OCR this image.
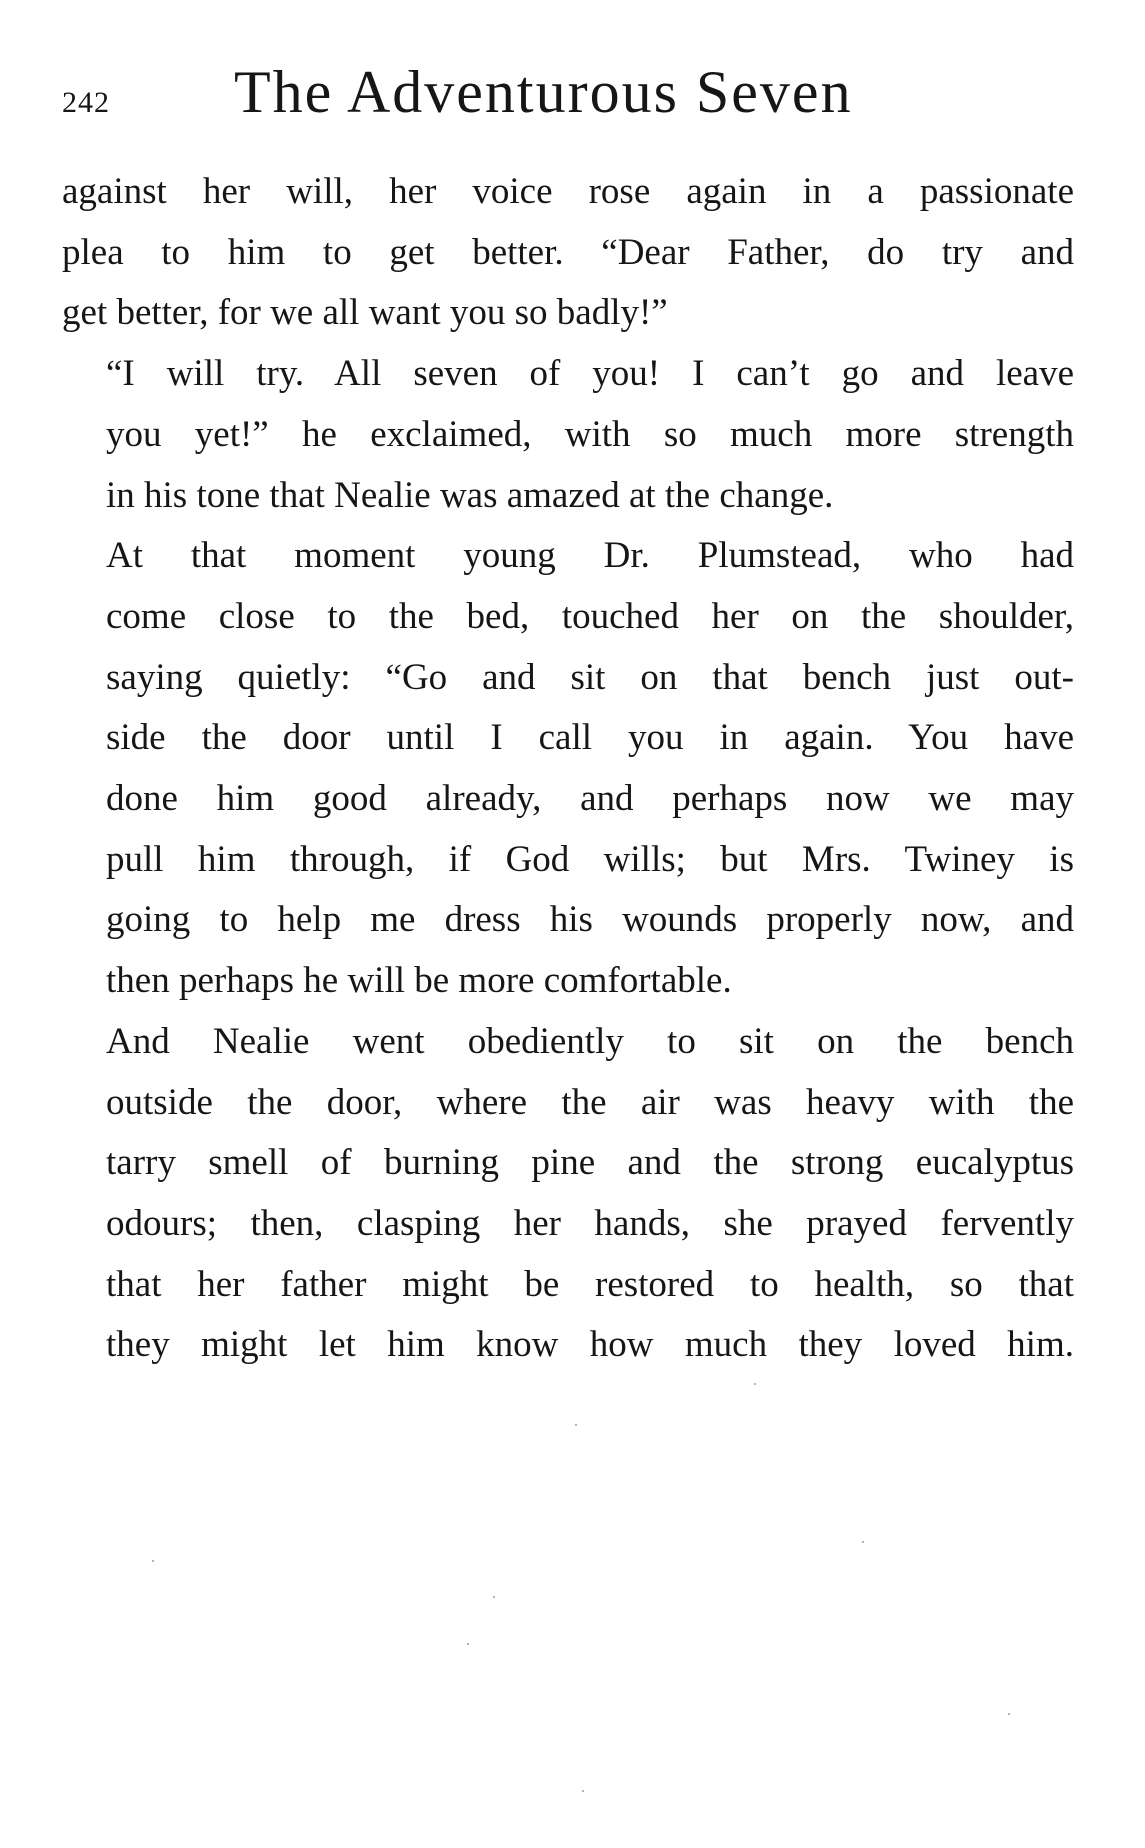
242 The Adventurous Seven

against her will, her voice rose again in a passionate
plea to him to get better. “Dear Father, do try and
get better, for we all want you so badly!”

“I will try. All seven of you! I can’t go and leave
you yet!” he exclaimed, with so much more strength
in his tone that Nealie was amazed at the change.

At that moment young Dr. Plumstead, who had
come close to the bed, touched her on the shoulder,
saying quietly: “Go and sit on that bench just out-
side the door until I call you in again. You have
done him good already, and perhaps now we may
pull him through, if God wills; but Mrs. Twiney is
going to help me dress his wounds properly now, and
then perhaps he will be more comfortable.

And Nealie went obediently to sit on the bench
outside the door, where the air was heavy with the
tarry smell of burning pine and the strong eucalyptus
odours; then, clasping her hands, she prayed fervently
that her father might be restored to health, so that
they might let him know how much they loved him.
